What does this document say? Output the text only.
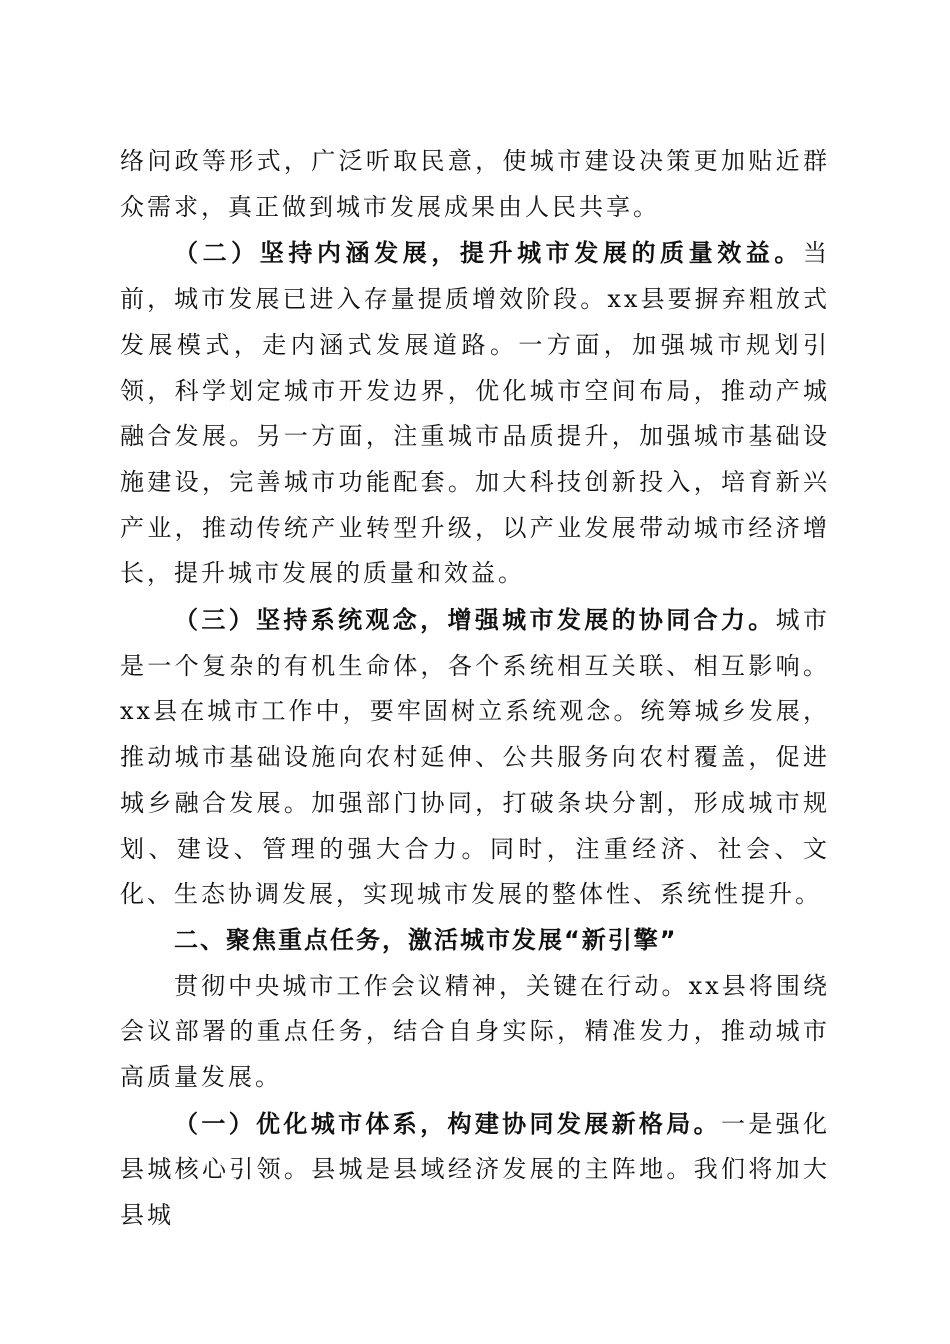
络问政等形式，广泛听取民意，使城市建设决策更加贴近群众需求，真正做到城市发展成果由人民共享。

（二）坚持内涵发展，提升城市发展的质量效益。当前，城市发展已进入存量提质增效阶段。xx县要摒弃粗放式发展模式，走内涵式发展道路。一方面，加强城市规划引领，科学划定城市开发边界，优化城市空间布局，推动产城融合发展。另一方面，注重城市品质提升，加强城市基础设施建设，完善城市功能配套。加大科技创新投入，培育新兴产业，推动传统产业转型升级，以产业发展带动城市经济增长，提升城市发展的质量和效益。

（三）坚持系统观念，增强城市发展的协同合力。城市是一个复杂的有机生命体，各个系统相互关联、相互影响。xx县在城市工作中，要牢固树立系统观念。统筹城乡发展，推动城市基础设施向农村延伸、公共服务向农村覆盖，促进城乡融合发展。加强部门协同，打破条块分割，形成城市规划、建设、管理的强大合力。同时，注重经济、社会、文化、生态协调发展，实现城市发展的整体性、系统性提升。

二、聚焦重点任务，激活城市发展“新引擎”

贯彻中央城市工作会议精神，关键在行动。xx县将围绕会议部署的重点任务，结合自身实际，精准发力，推动城市高质量发展。

（一）优化城市体系，构建协同发展新格局。一是强化县城核心引领。县城是县域经济发展的主阵地。我们将加大县城
